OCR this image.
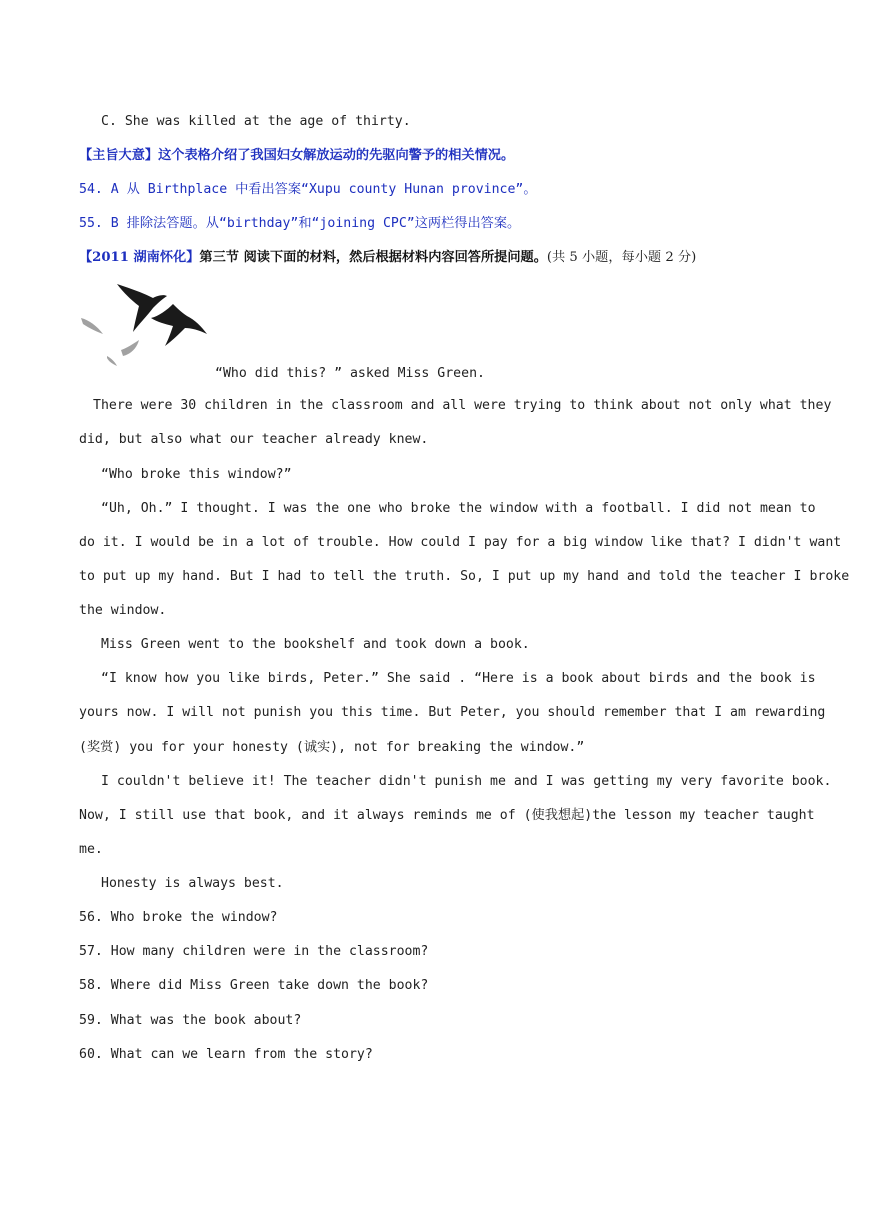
C. She was killed at the age of thirty.
【主旨大意】这个表格介绍了我国妇女解放运动的先驱向警予的相关情况。
54. A 从 Birthplace 中看出答案“Xupu county Hunan province”。
55. B 排除法答题。从“birthday”和“joining CPC”这两栏得出答案。
【2011 湖南怀化】第三节 阅读下面的材料，然后根据材料内容回答所提问题。(共 5 小题，每小题 2 分)
“Who did this? ” asked Miss Green.
There were 30 children in the classroom and all were trying to think about not only what they
did, but also what our teacher already knew.
“Who broke this window?”
“Uh, Oh.” I thought. I was the one who broke the window with a football. I did not mean to
do it. I would be in a lot of trouble. How could I pay for a big window like that? I didn't want
to put up my hand. But I had to tell the truth. So, I put up my hand and told the teacher I broke
the window.
Miss Green went to the bookshelf and took down a book.
“I know how you like birds, Peter.” She said . “Here is a book about birds and the book is
yours now. I will not punish you this time. But Peter, you should remember that I am rewarding
(奖赏) you for your honesty (诚实), not for breaking the window.”
I couldn't believe it! The teacher didn't punish me and I was getting my very favorite book.
Now, I still use that book, and it always reminds me of (使我想起)the lesson my teacher taught
me.
Honesty is always best.
56. Who broke the window?
57. How many children were in the classroom?
58. Where did Miss Green take down the book?
59. What was the book about?
60. What can we learn from the story?
